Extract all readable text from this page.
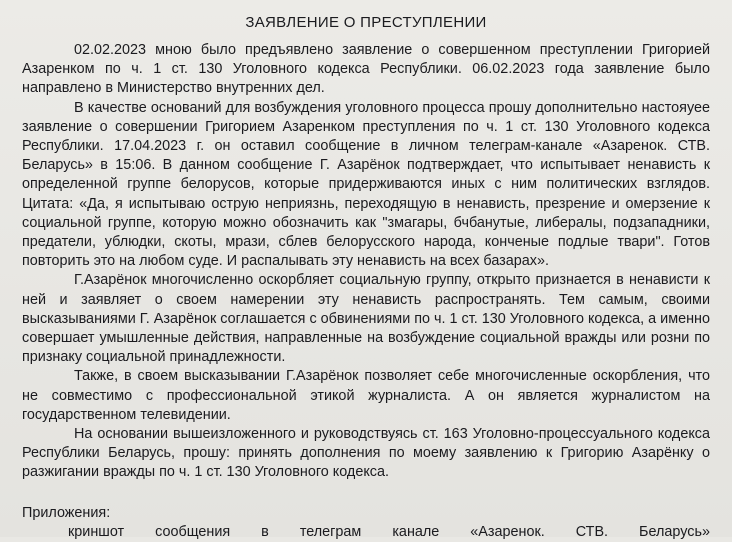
ЗАЯВЛЕНИЕ О ПРЕСТУПЛЕНИИ

02.02.2023 мною было предъявлено заявление о совершенном преступлении Григорией Азаренком по ч. 1 ст. 130 Уголовного кодекса Республики. 06.02.2023 года заявление было направлено в Министерство внутренних дел.

В качестве оснований для возбуждения уголовного процесса прошу дополнительно настояуее заявление о совершении Григорием Азаренком преступления по ч. 1 ст. 130 Уголовного кодекса Республики. 17.04.2023 г. он оставил сообщение в личном телеграм-канале «Азаренок. СТВ. Беларусь» в 15:06. В данном сообщение Г. Азарёнок подтверждает, что испытывает ненависть к определенной группе белорусов, которые придерживаются иных с ним политических взглядов. Цитата: «Да, я испытываю острую неприязнь, переходящую в ненависть, презрение и омерзение к социальной группе, которую можно обозначить как "змагары, бчбанутые, либералы, подзападники, предатели, ублюдки, скоты, мрази, сблев белорусского народа, конченые подлые твари". Готов повторить это на любом суде. И распалывать эту ненависть на всех базарах».

Г.Азарёнок многочисленно оскорбляет социальную группу, открыто признается в ненависти к ней и заявляет о своем намерении эту ненависть распространять. Тем самым, своими высказываниями Г. Азарёнок соглашается с обвинениями по ч. 1 ст. 130 Уголовного кодекса, а именно совершает умышленные действия, направленные на возбуждение социальной вражды или розни по признаку социальной принадлежности.

Также, в своем высказывании Г.Азарёнок позволяет себе многочисленные оскорбления, что не совместимо с профессиональной этикой журналиста. А он является журналистом на государственном телевидении.

На основании вышеизложенного и руководствуясь ст. 163 Уголовно-процессуального кодекса Республики Беларусь, прошу: принять дополнения по моему заявлению к Григорию Азарёнку о разжигании вражды по ч. 1 ст. 130 Уголовного кодекса.

Приложения:
криншот сообщения в телеграм канале «Азаренок. СТВ. Беларусь»
